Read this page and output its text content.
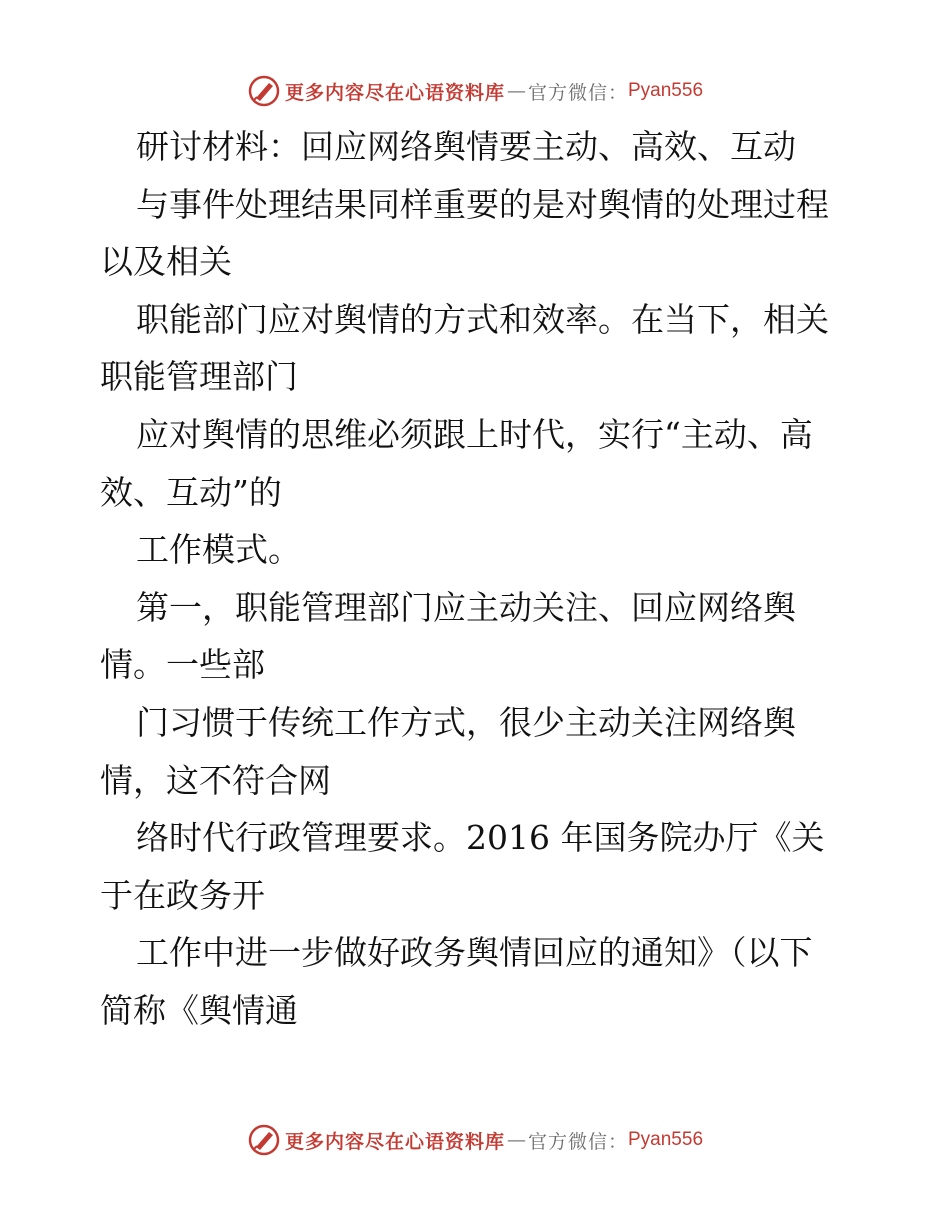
更多内容尽在心语资料库 — 官方微信： Pyan556
研讨材料：回应网络舆情要主动、高效、互动
与事件处理结果同样重要的是对舆情的处理过程
以及相关
职能部门应对舆情的方式和效率。在当下，相关
职能管理部门
应对舆情的思维必须跟上时代，实行“主动、高
效、互动”的
工作模式。
第一，职能管理部门应主动关注、回应网络舆
情。一些部
门习惯于传统工作方式，很少主动关注网络舆
情，这不符合网
络时代行政管理要求。2016 年国务院办厅《关
于在政务开
工作中进一步做好政务舆情回应的通知》（以下
简称《舆情通
更多内容尽在心语资料库 — 官方微信： Pyan556
